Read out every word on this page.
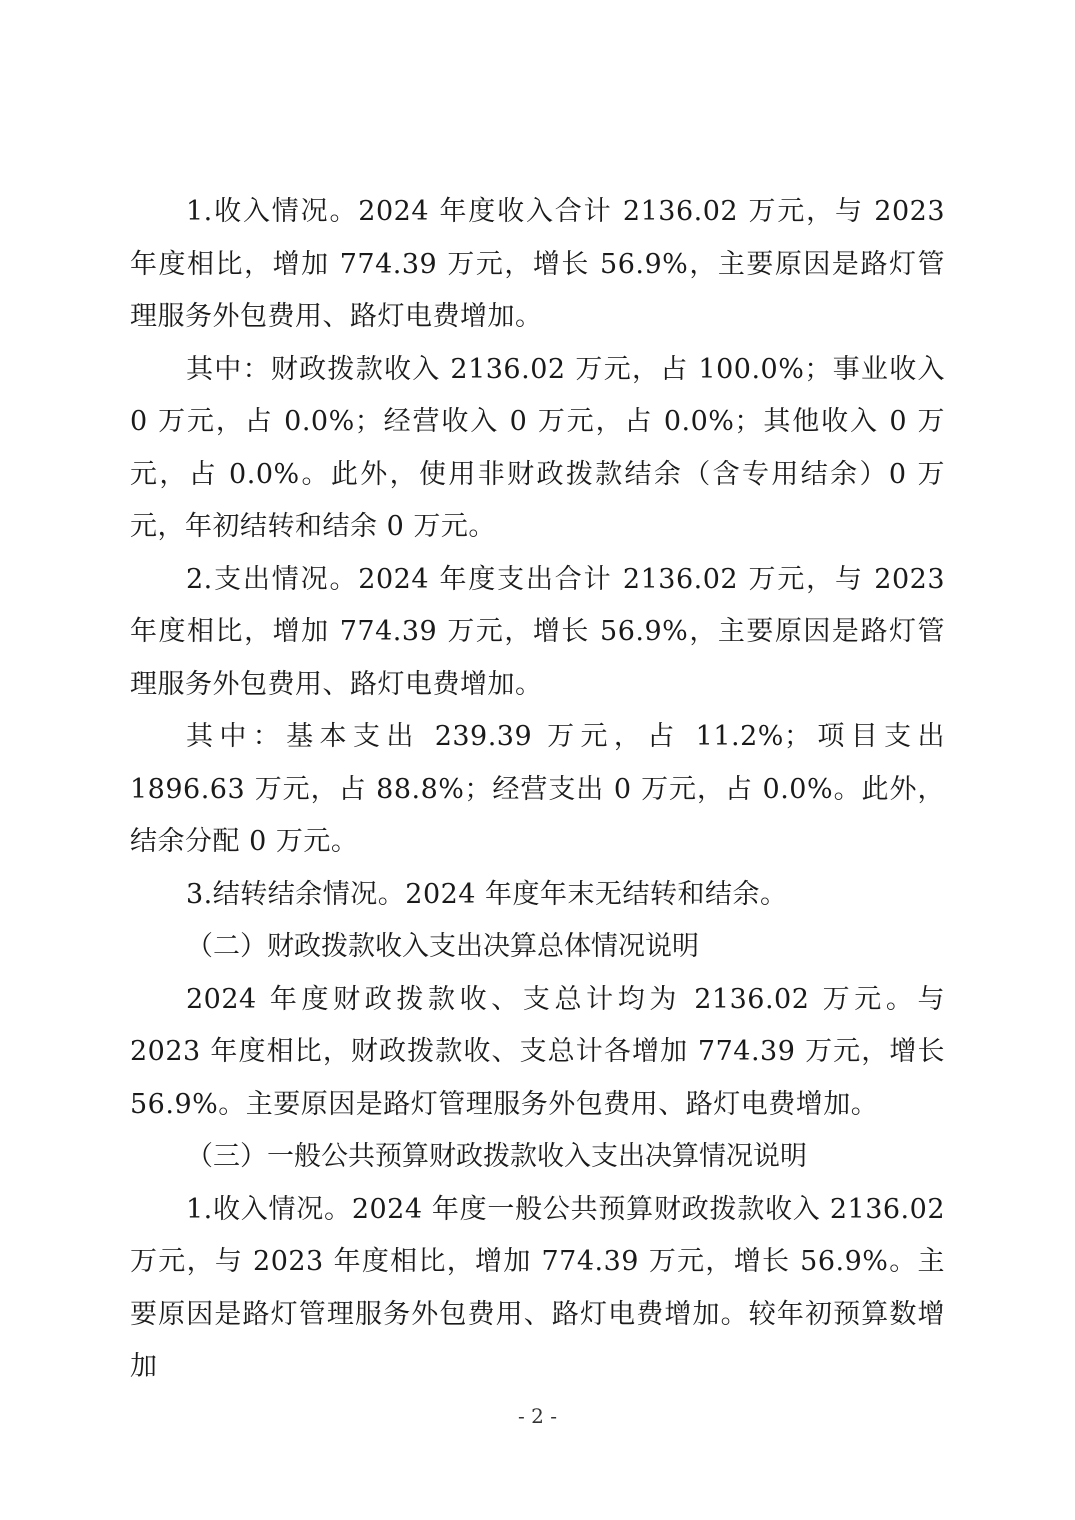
1.收入情况。2024 年度收入合计 2136.02 万元，与 2023 年度相比，增加 774.39 万元，增长 56.9%，主要原因是路灯管理服务外包费用、路灯电费增加。

其中：财政拨款收入 2136.02 万元，占 100.0%；事业收入 0 万元，占 0.0%；经营收入 0 万元，占 0.0%；其他收入 0 万元，占 0.0%。此外，使用非财政拨款结余（含专用结余）0 万元，年初结转和结余 0 万元。

2.支出情况。2024 年度支出合计 2136.02 万元，与 2023 年度相比，增加 774.39 万元，增长 56.9%，主要原因是路灯管理服务外包费用、路灯电费增加。

其中：基本支出 239.39 万元，占 11.2%；项目支出 1896.63 万元，占 88.8%；经营支出 0 万元，占 0.0%。此外，结余分配 0 万元。

3.结转结余情况。2024 年度年末无结转和结余。

（二）财政拨款收入支出决算总体情况说明

2024 年度财政拨款收、支总计均为 2136.02 万元。与 2023 年度相比，财政拨款收、支总计各增加 774.39 万元，增长 56.9%。主要原因是路灯管理服务外包费用、路灯电费增加。

（三）一般公共预算财政拨款收入支出决算情况说明

1.收入情况。2024 年度一般公共预算财政拨款收入 2136.02 万元，与 2023 年度相比，增加 774.39 万元，增长 56.9%。主要原因是路灯管理服务外包费用、路灯电费增加。较年初预算数增加

- 2 -
